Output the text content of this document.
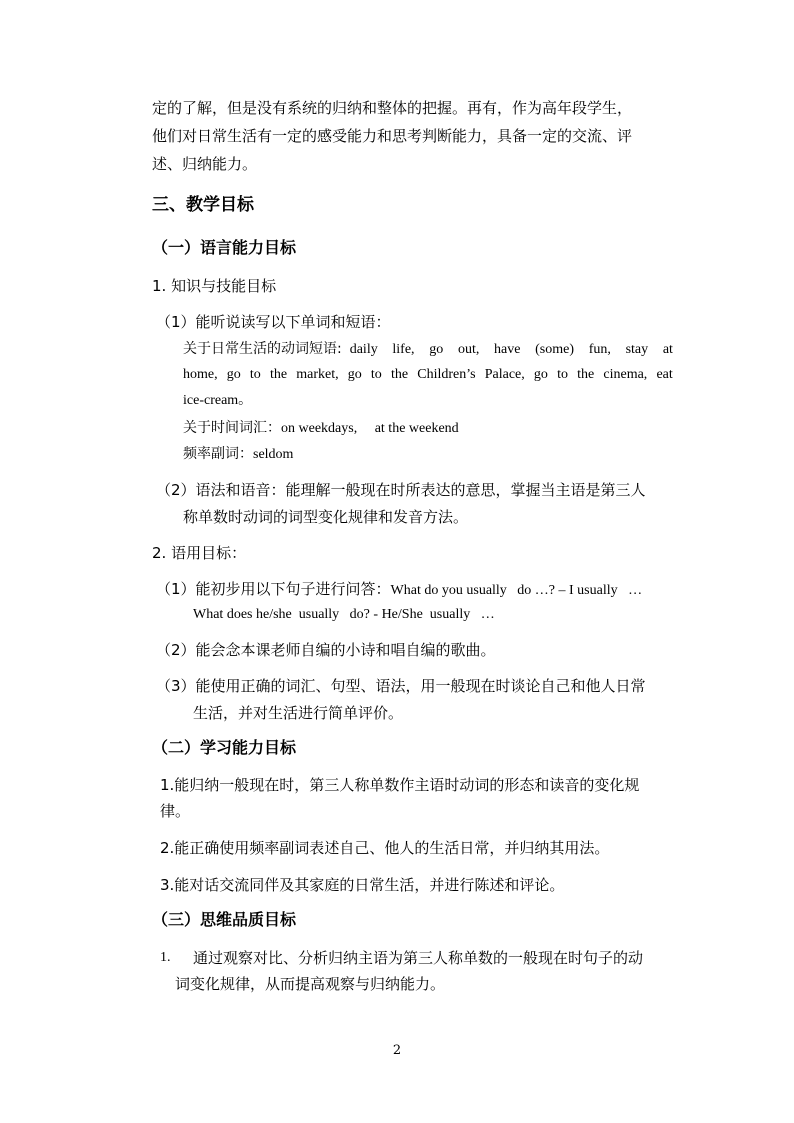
定的了解，但是没有系统的归纳和整体的把握。再有，作为高年段学生，
他们对日常生活有一定的感受能力和思考判断能力，具备一定的交流、评
述、归纳能力。
三、教学目标
（一）语言能力目标
1. 知识与技能目标
（1）能听说读写以下单词和短语：
关于日常生活的动词短语: daily life, go out, have (some) fun, stay at
home, go to the market, go to the Children’s Palace, go to the cinema, eat
ice-cream。
关于时间词汇：on weekdays,     at the weekend
频率副词：seldom
（2）语法和语音：能理解一般现在时所表达的意思，掌握当主语是第三人
称单数时动词的词型变化规律和发音方法。
2. 语用目标：
（1）能初步用以下句子进行问答：What do you usually   do …? – I usually   …
What does he/she  usually   do? - He/She  usually   …
（2）能会念本课老师自编的小诗和唱自编的歌曲。
（3）能使用正确的词汇、句型、语法，用一般现在时谈论自己和他人日常
生活，并对生活进行简单评价。
（二）学习能力目标
1.能归纳一般现在时，第三人称单数作主语时动词的形态和读音的变化规
律。
2.能正确使用频率副词表述自己、他人的生活日常，并归纳其用法。
3.能对话交流同伴及其家庭的日常生活，并进行陈述和评论。
（三）思维品质目标
1. 通过观察对比、分析归纳主语为第三人称单数的一般现在时句子的动
词变化规律，从而提高观察与归纳能力。
2
